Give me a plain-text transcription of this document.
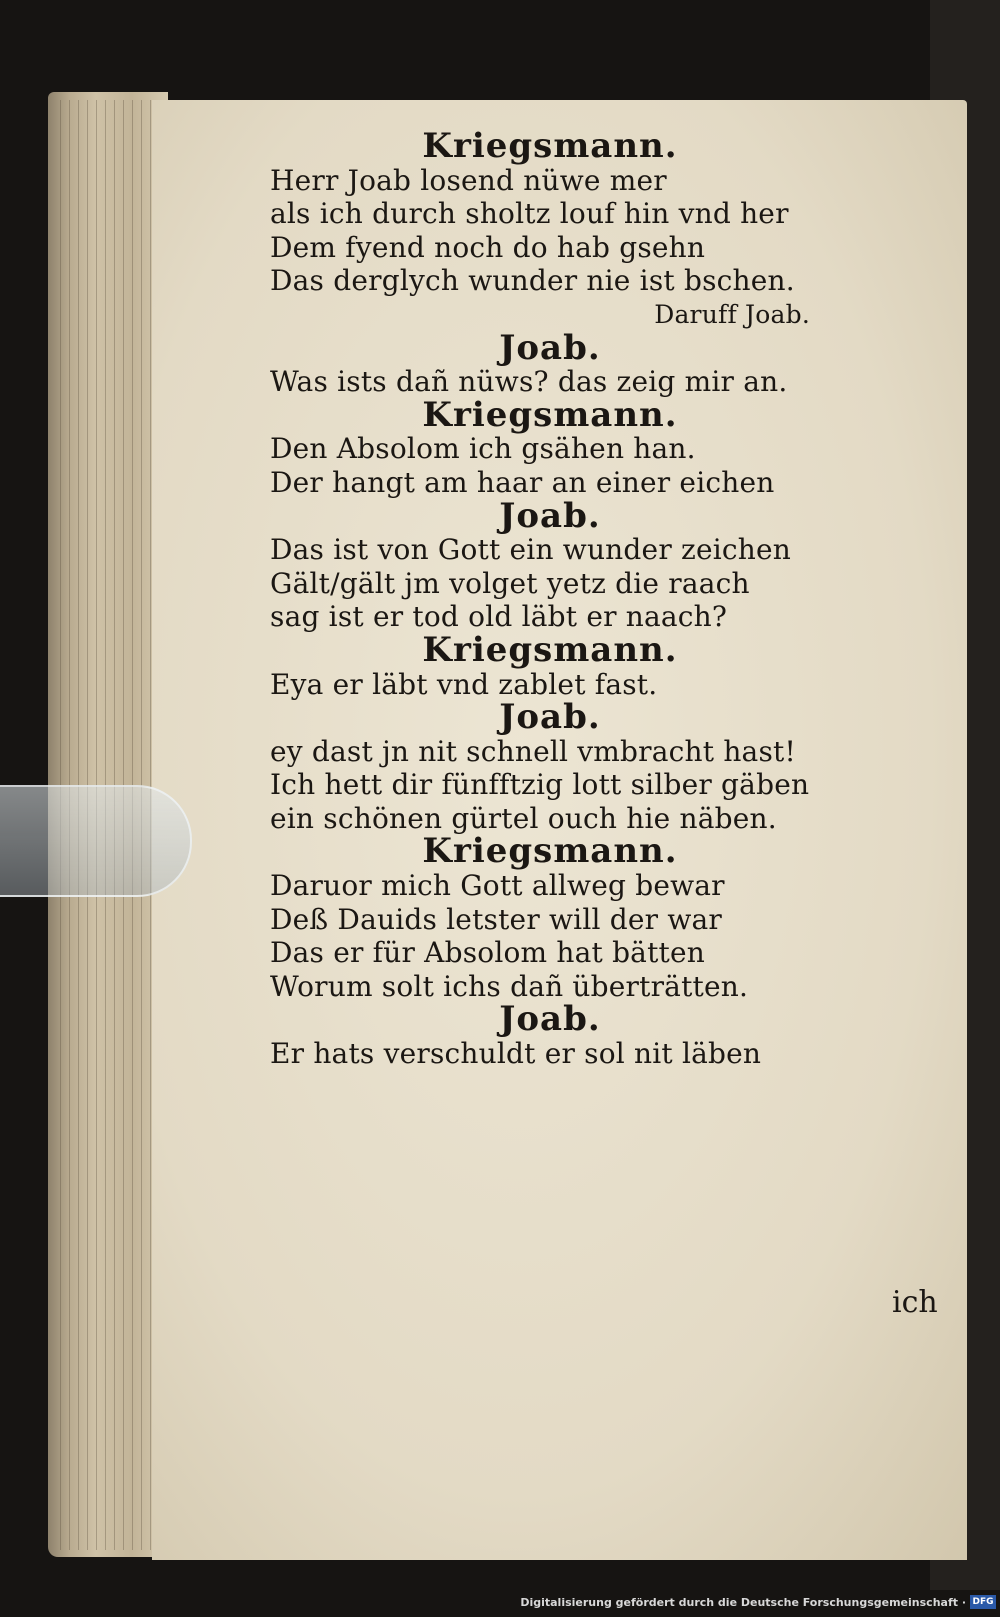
Kriegsmann.
Herr Joab losend nüwe mer
als ich durch sholtz louf hin vnd her
Dem fyend noch do hab gsehn
Das derglych wunder nie ist bschen.
Daruff Joab.
Joab.
Was ists dañ nüws? das zeig mir an.
Kriegsmann.
Den Absolom ich gsähen han.
Der hangt am haar an einer eichen
Joab.
Das ist von Gott ein wunder zeichen
Gält/gält jm volget yetz die raach
sag ist er tod old läbt er naach?
Kriegsmann.
Eya er läbt vnd zablet fast.
Joab.
ey dast jn nit schnell vmbracht hast!
Ich hett dir fünfftzig lott silber gäben
ein schönen gürtel ouch hie näben.
Kriegsmann.
Daruor mich Gott allweg bewar
Deß Dauids letster will der war
Das er für Absolom hat bätten
Worum solt ichs dañ überträtten.
Joab.
Er hats verschuldt er sol nit läben
ich
Digitalisierung gefördert durch die Deutsche Forschungsgemeinschaft · DFG
